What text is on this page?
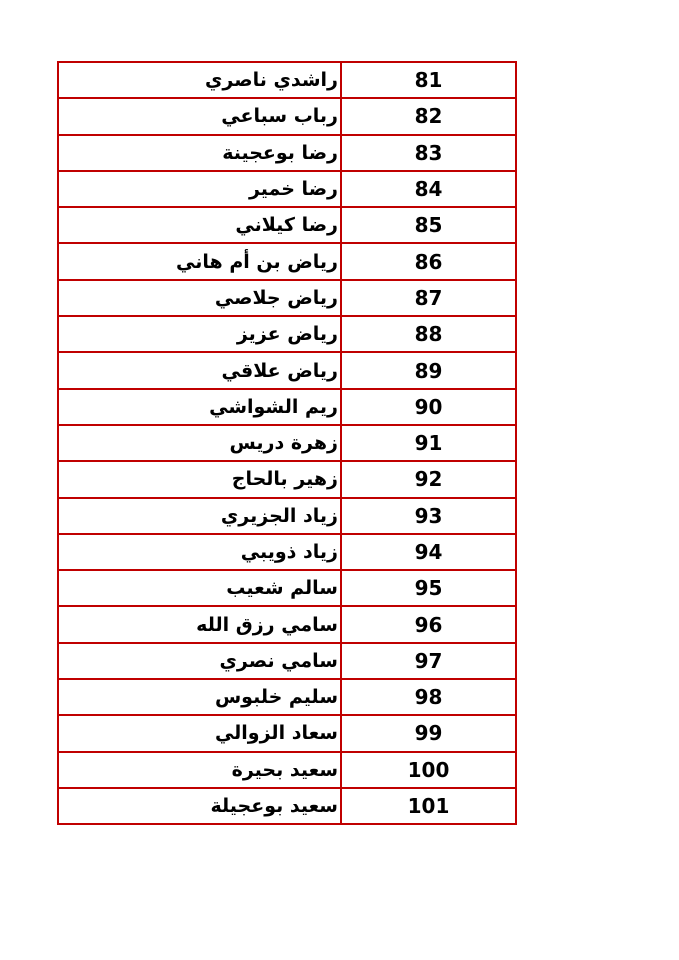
راشدي ناصري	81
رباب سباعي	82
رضا بوعجينة	83
رضا خمير	84
رضا كيلاني	85
رياض بن أم هاني	86
رياض جلاصي	87
رياض عزيز	88
رياض علاقي	89
ريم الشواشي	90
زهرة دريس	91
زهير بالحاج	92
زياد الجزيري	93
زياد ذويبي	94
سالم شعيب	95
سامي رزق الله	96
سامي نصري	97
سليم خلبوس	98
سعاد الزوالي	99
سعيد بحيرة	100
سعيد بوعجيلة	101
